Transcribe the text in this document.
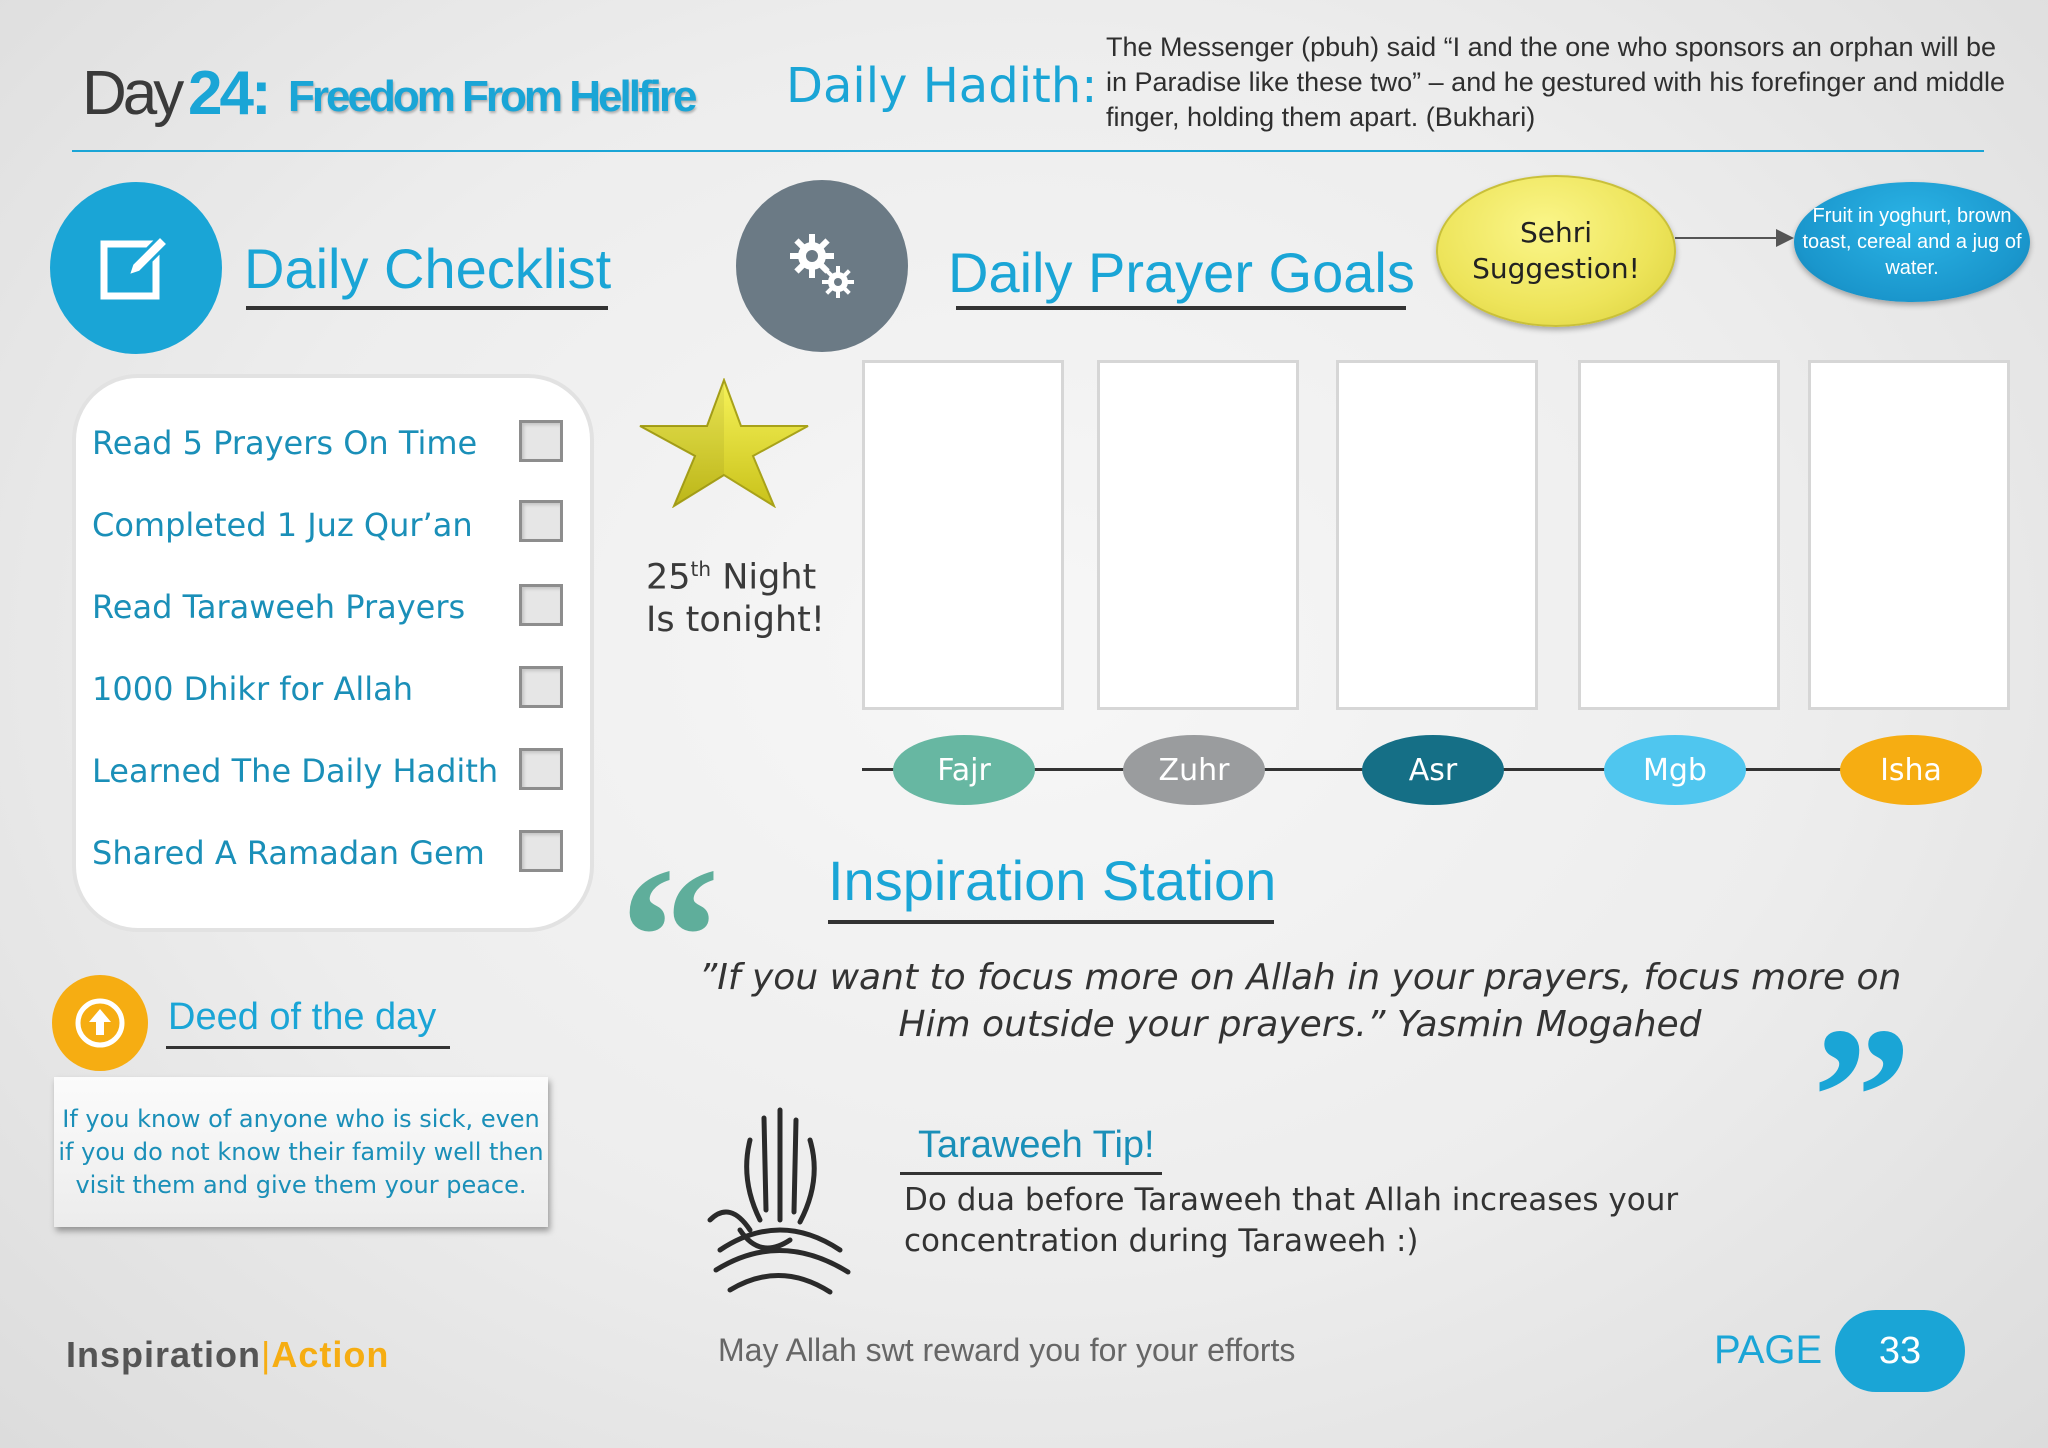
Day 24: Freedom From Hellfire Daily Hadith:
The Messenger (pbuh) said “I and the one who sponsors an orphan will be in Paradise like these two” – and he gestured with his forefinger and middle finger, holding them apart. (Bukhari)
Daily Checklist
Read 5 Prayers On Time
Completed 1 Juz Qur’an
Read Taraweeh Prayers
1000 Dhikr for Allah
Learned The Daily Hadith
Shared A Ramadan Gem
25th Night
Is tonight!
Daily Prayer Goals
Sehri Suggestion!
Fruit in yoghurt, brown toast, cereal and a jug of water.
Fajr	Zuhr	Asr	Mgb	Isha
“ Inspiration Station
”If you want to focus more on Allah in your prayers, focus more on Him outside your prayers.” Yasmin Mogahed ”
Deed of the day
If you know of anyone who is sick, even if you do not know their family well then visit them and give them your peace.
Taraweeh Tip!
Do dua before Taraweeh that Allah increases your concentration during Taraweeh :)
Inspiration|Action	May Allah swt reward you for your efforts	PAGE	33
